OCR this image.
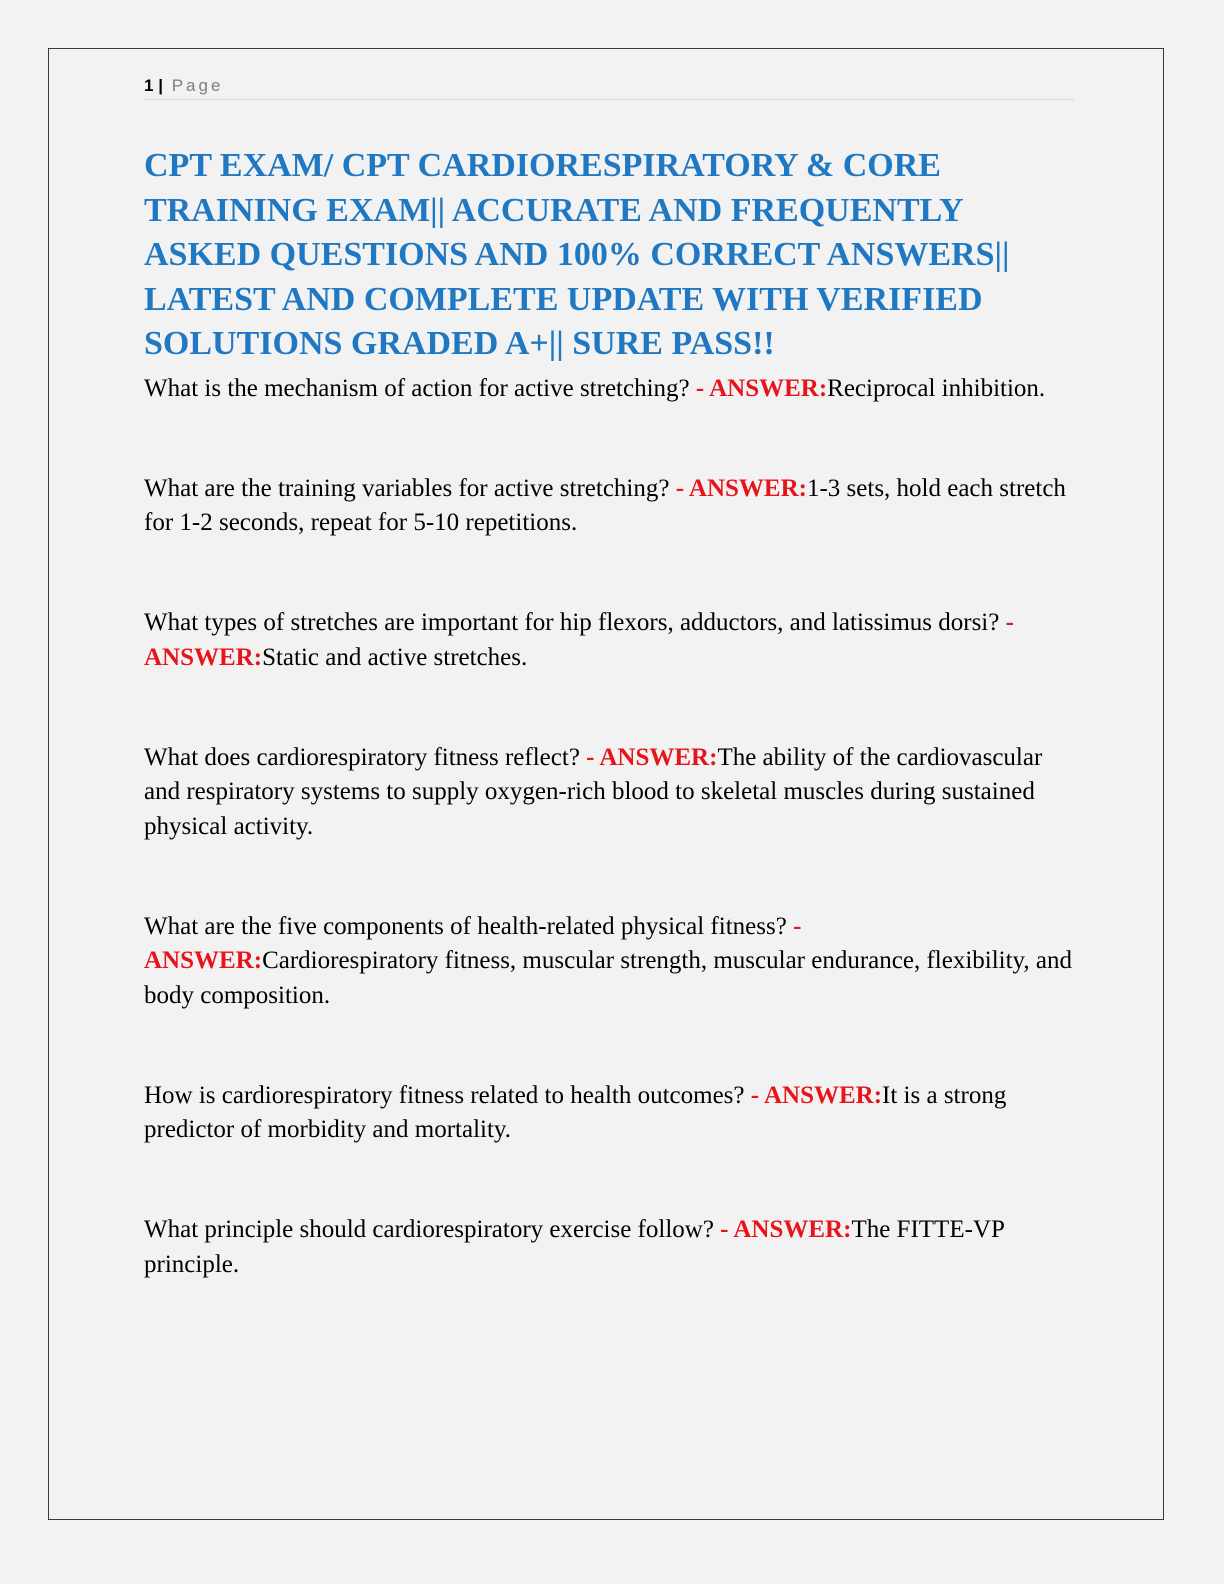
1 | Page
CPT EXAM/ CPT CARDIORESPIRATORY & CORE TRAINING EXAM|| ACCURATE AND FREQUENTLY ASKED QUESTIONS AND 100% CORRECT ANSWERS|| LATEST AND COMPLETE UPDATE WITH VERIFIED SOLUTIONS GRADED A+|| SURE PASS!!

What is the mechanism of action for active stretching? - ANSWER:Reciprocal inhibition.

What are the training variables for active stretching? - ANSWER:1-3 sets, hold each stretch for 1-2 seconds, repeat for 5-10 repetitions.

What types of stretches are important for hip flexors, adductors, and latissimus dorsi? - ANSWER:Static and active stretches.

What does cardiorespiratory fitness reflect? - ANSWER:The ability of the cardiovascular and respiratory systems to supply oxygen-rich blood to skeletal muscles during sustained physical activity.

What are the five components of health-related physical fitness? - ANSWER:Cardiorespiratory fitness, muscular strength, muscular endurance, flexibility, and body composition.

How is cardiorespiratory fitness related to health outcomes? - ANSWER:It is a strong predictor of morbidity and mortality.

What principle should cardiorespiratory exercise follow? - ANSWER:The FITTE-VP principle.
